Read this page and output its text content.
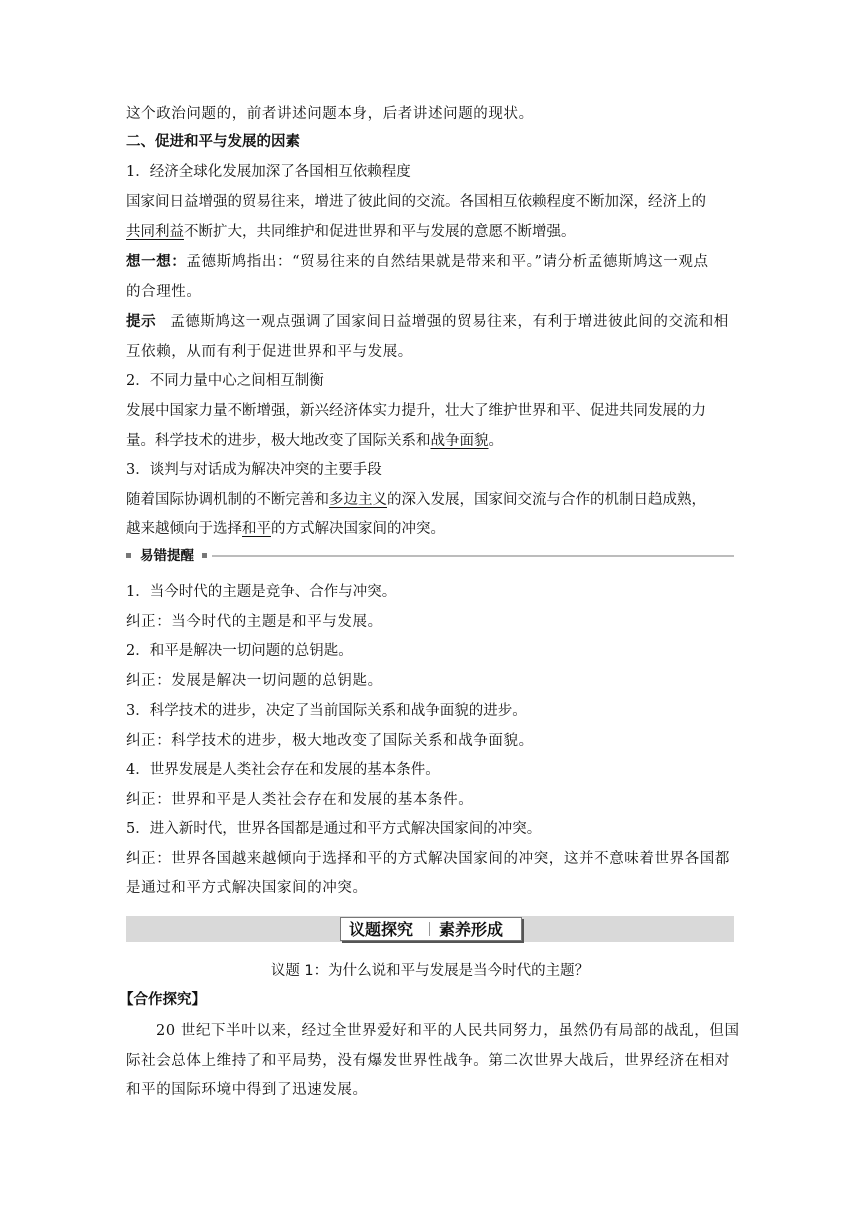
这个政治问题的，前者讲述问题本身，后者讲述问题的现状。
二、促进和平与发展的因素
1．经济全球化发展加深了各国相互依赖程度
国家间日益增强的贸易往来，增进了彼此间的交流。各国相互依赖程度不断加深，经济上的
共同利益不断扩大，共同维护和促进世界和平与发展的意愿不断增强。
想一想：孟德斯鸠指出：“贸易往来的自然结果就是带来和平。”请分析孟德斯鸠这一观点
的合理性。
提示 孟德斯鸠这一观点强调了国家间日益增强的贸易往来，有利于增进彼此间的交流和相
互依赖，从而有利于促进世界和平与发展。
2．不同力量中心之间相互制衡
发展中国家力量不断增强，新兴经济体实力提升，壮大了维护世界和平、促进共同发展的力
量。科学技术的进步，极大地改变了国际关系和战争面貌。
3．谈判与对话成为解决冲突的主要手段
随着国际协调机制的不断完善和多边主义的深入发展，国家间交流与合作的机制日趋成熟，
越来越倾向于选择和平的方式解决国家间的冲突。
易错提醒
1．当今时代的主题是竞争、合作与冲突。
纠正：当今时代的主题是和平与发展。
2．和平是解决一切问题的总钥匙。
纠正：发展是解决一切问题的总钥匙。
3．科学技术的进步，决定了当前国际关系和战争面貌的进步。
纠正：科学技术的进步，极大地改变了国际关系和战争面貌。
4．世界发展是人类社会存在和发展的基本条件。
纠正：世界和平是人类社会存在和发展的基本条件。
5．进入新时代，世界各国都是通过和平方式解决国家间的冲突。
纠正：世界各国越来越倾向于选择和平的方式解决国家间的冲突，这并不意味着世界各国都
是通过和平方式解决国家间的冲突。
议题探究 素养形成
议题 1：为什么说和平与发展是当今时代的主题？
【合作探究】
20 世纪下半叶以来，经过全世界爱好和平的人民共同努力，虽然仍有局部的战乱，但国
际社会总体上维持了和平局势，没有爆发世界性战争。第二次世界大战后，世界经济在相对
和平的国际环境中得到了迅速发展。
